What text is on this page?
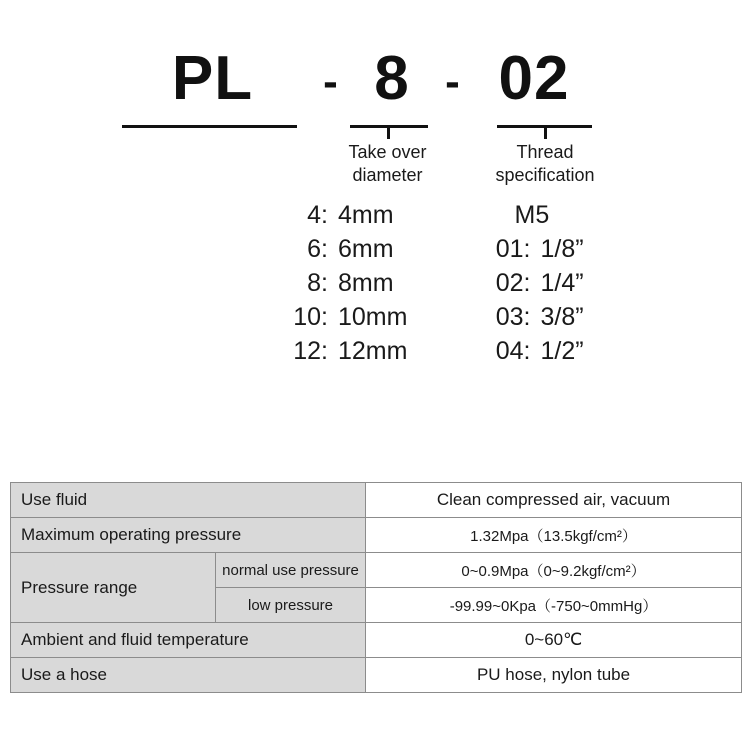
PL	- 8 - 02
Take over
diameter
Thread
specification
4: 4mm
6: 6mm
8: 8mm
10: 10mm
12: 12mm
M5
01: 1/8”
02: 1/4”
03: 3/8”
04: 1/2”
Use fluid		Clean compressed air, vacuum
Maximum operating pressure		1.32Mpa（13.5kgf/cm²）
Pressure range	normal use pressure	0~0.9Mpa（0~9.2kgf/cm²）
	low pressure	-99.99~0Kpa（-750~0mmHg）
Ambient and fluid temperature		0~60℃
Use a hose		PU hose, nylon tube
